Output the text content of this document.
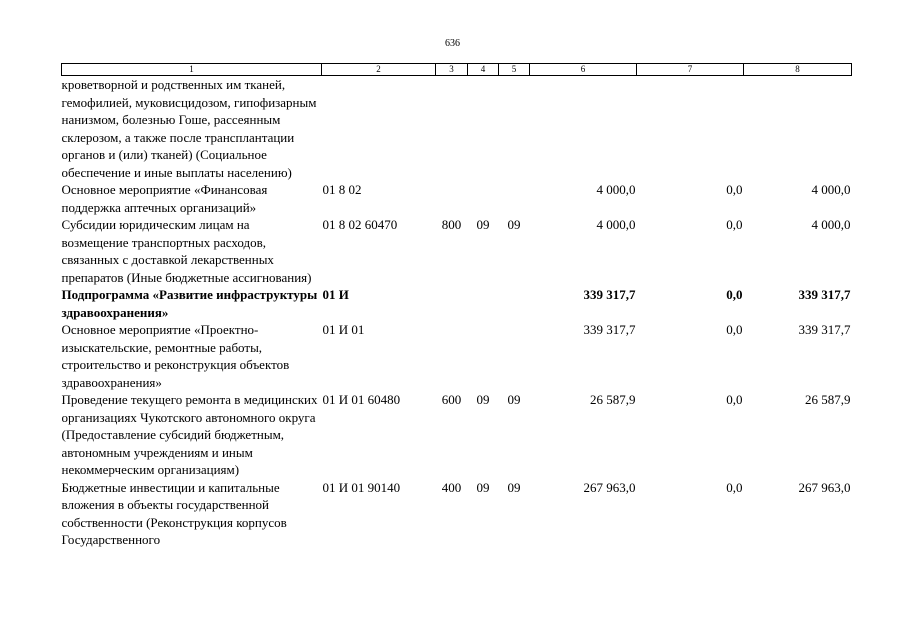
636
1	2	3	4	5	6	7	8
кроветворной и родственных им тканей, гемофилией, муковисцидозом, гипофизарным нанизмом, болезнью Гоше, рассеянным склерозом, а также после трансплантации органов и (или) тканей) (Социальное обеспечение и иные выплаты населению)							
Основное мероприятие «Финансовая поддержка аптечных организаций»	01 8 02				4 000,0	0,0	4 000,0
Субсидии юридическим лицам на возмещение транспортных расходов, связанных с доставкой лекарственных препаратов (Иные бюджетные ассигнования)	01 8 02 60470	800	09	09	4 000,0	0,0	4 000,0
Подпрограмма «Развитие инфраструктуры здравоохранения»	01 И				339 317,7	0,0	339 317,7
Основное мероприятие «Проектно-изыскательские, ремонтные работы, строительство и реконструкция объектов здравоохранения»	01 И 01				339 317,7	0,0	339 317,7
Проведение текущего ремонта в медицинских организациях Чукотского автономного округа (Предоставление субсидий бюджетным, автономным учреждениям и иным некоммерческим организациям)	01 И 01 60480	600	09	09	26 587,9	0,0	26 587,9
Бюджетные инвестиции и капитальные вложения в объекты государственной собственности (Реконструкция корпусов Государственного	01 И 01 90140	400	09	09	267 963,0	0,0	267 963,0
